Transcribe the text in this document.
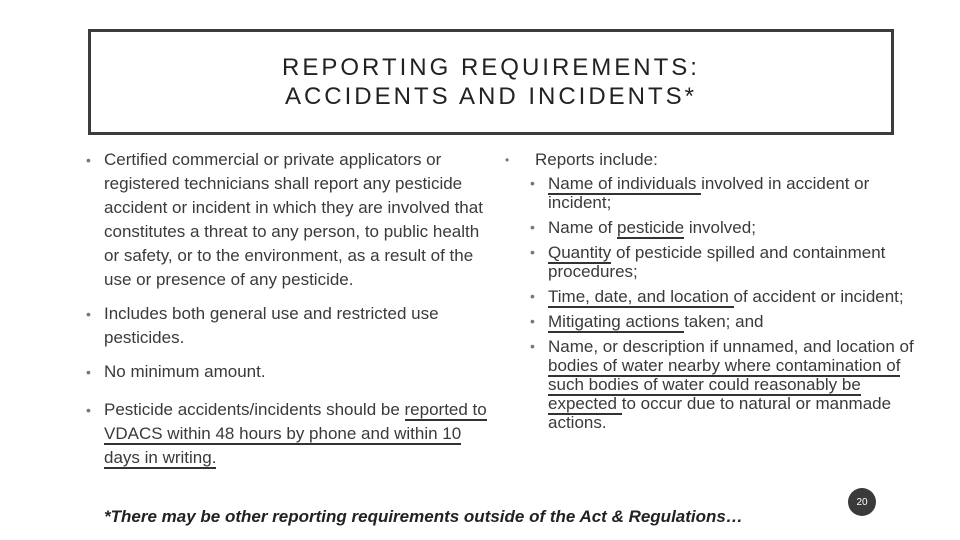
REPORTING REQUIREMENTS:
ACCIDENTS AND INCIDENTS*
• Certified commercial or private applicators or registered technicians shall report any pesticide accident or incident in which they are involved that constitutes a threat to any person, to public health or safety, or to the environment, as a result of the use or presence of any pesticide.
• Includes both general use and restricted use pesticides.
• No minimum amount.
• Pesticide accidents/incidents should be reported to VDACS within 48 hours by phone and within 10 days in writing.
•	Reports include:
• Name of individuals involved in accident or incident;
• Name of pesticide involved;
• Quantity of pesticide spilled and containment procedures;
• Time, date, and location of accident or incident;
• Mitigating actions taken; and
• Name, or description if unnamed, and location of bodies of water nearby where contamination of such bodies of water could reasonably be expected to occur due to natural or manmade actions.
20
*There may be other reporting requirements outside of the Act & Regulations…
